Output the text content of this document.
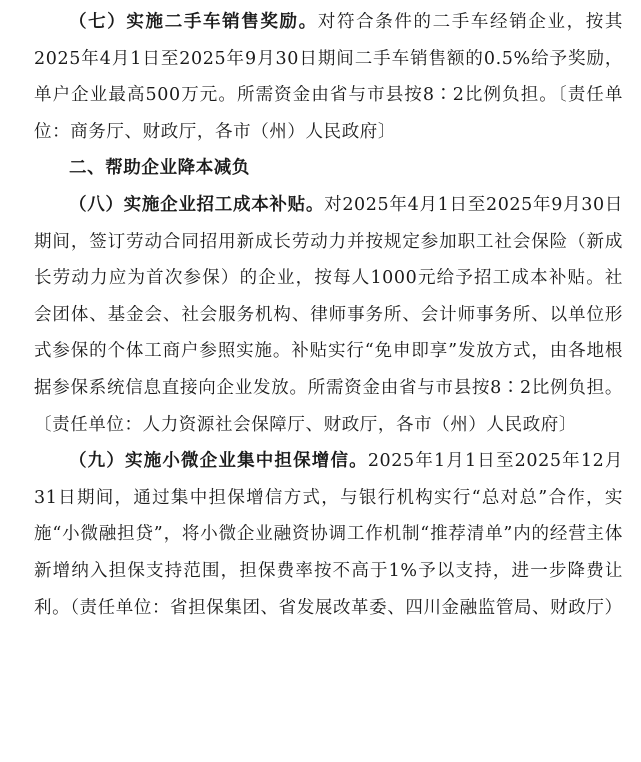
（七）实施二手车销售奖励。对符合条件的二手车经销企业，按其2025年4月1日至2025年9月30日期间二手车销售额的0.5%给予奖励，单户企业最高500万元。所需资金由省与市县按8∶2比例负担。〔责任单位：商务厅、财政厅，各市（州）人民政府〕

二、帮助企业降本减负

（八）实施企业招工成本补贴。对2025年4月1日至2025年9月30日期间，签订劳动合同招用新成长劳动力并按规定参加职工社会保险（新成长劳动力应为首次参保）的企业，按每人1000元给予招工成本补贴。社会团体、基金会、社会服务机构、律师事务所、会计师事务所、以单位形式参保的个体工商户参照实施。补贴实行“免申即享”发放方式，由各地根据参保系统信息直接向企业发放。所需资金由省与市县按8∶2比例负担。〔责任单位：人力资源社会保障厅、财政厅，各市（州）人民政府〕

（九）实施小微企业集中担保增信。2025年1月1日至2025年12月31日期间，通过集中担保增信方式，与银行机构实行“总对总”合作，实施“小微融担贷”，将小微企业融资协调工作机制“推荐清单”内的经营主体新增纳入担保支持范围，担保费率按不高于1%予以支持，进一步降费让利。（责任单位：省担保集团、省发展改革委、四川金融监管局、财政厅）
